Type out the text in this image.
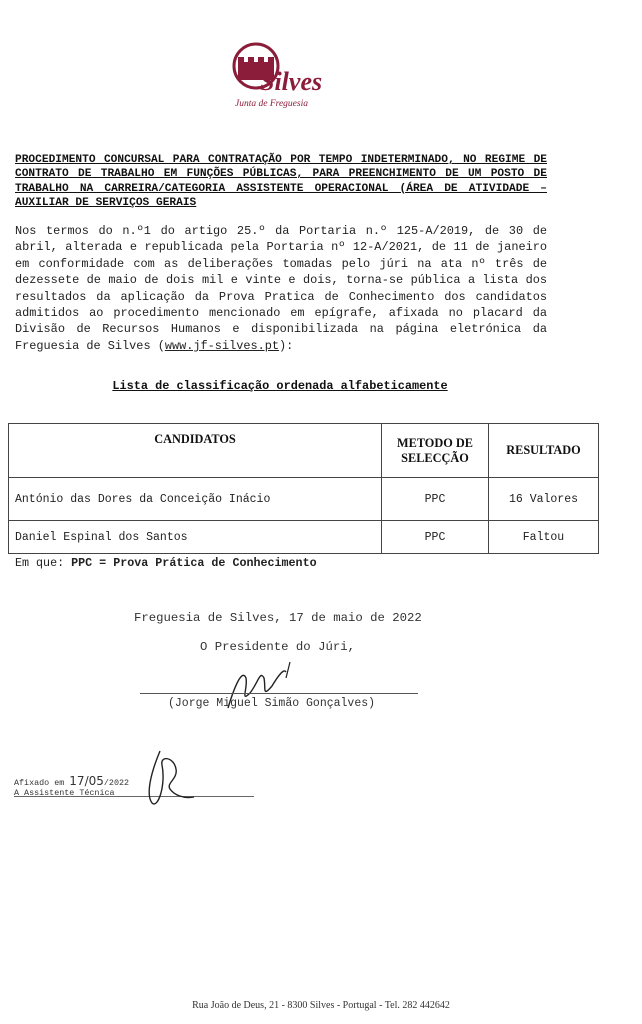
Silves
Junta de Freguesia
PROCEDIMENTO CONCURSAL PARA CONTRATAÇÃO POR TEMPO INDETERMINADO, NO REGIME DE CONTRATO DE TRABALHO EM FUNÇÕES PÚBLICAS, PARA PREENCHIMENTO DE UM POSTO DE TRABALHO NA CARREIRA/CATEGORIA ASSISTENTE OPERACIONAL (ÁREA DE ATIVIDADE – AUXILIAR DE SERVIÇOS GERAIS
Nos termos do n.º1 do artigo 25.º da Portaria n.º 125-A/2019, de 30 de abril, alterada e republicada pela Portaria nº 12-A/2021, de 11 de janeiro em conformidade com as deliberações tomadas pelo júri na ata nº três de dezessete de maio de dois mil e vinte e dois, torna-se pública a lista dos resultados da aplicação da Prova Pratica de Conhecimento dos candidatos admitidos ao procedimento mencionado em epígrafe, afixada no placard da Divisão de Recursos Humanos e disponibilizada na página eletrónica da Freguesia de Silves (www.jf-silves.pt):
Lista de classificação ordenada alfabeticamente
CANDIDATOS	METODO DE SELECÇÃO	RESULTADO
António das Dores da Conceição Inácio	PPC	16 Valores
Daniel Espinal dos Santos	PPC	Faltou
Em que: PPC = Prova Prática de Conhecimento
Freguesia de Silves, 17 de maio de 2022
O Presidente do Júri,
(Jorge Miguel Simão Gonçalves)
Afixado em 17/05/2022
A Assistente Técnica
Rua João de Deus, 21 - 8300 Silves - Portugal - Tel. 282 442642
